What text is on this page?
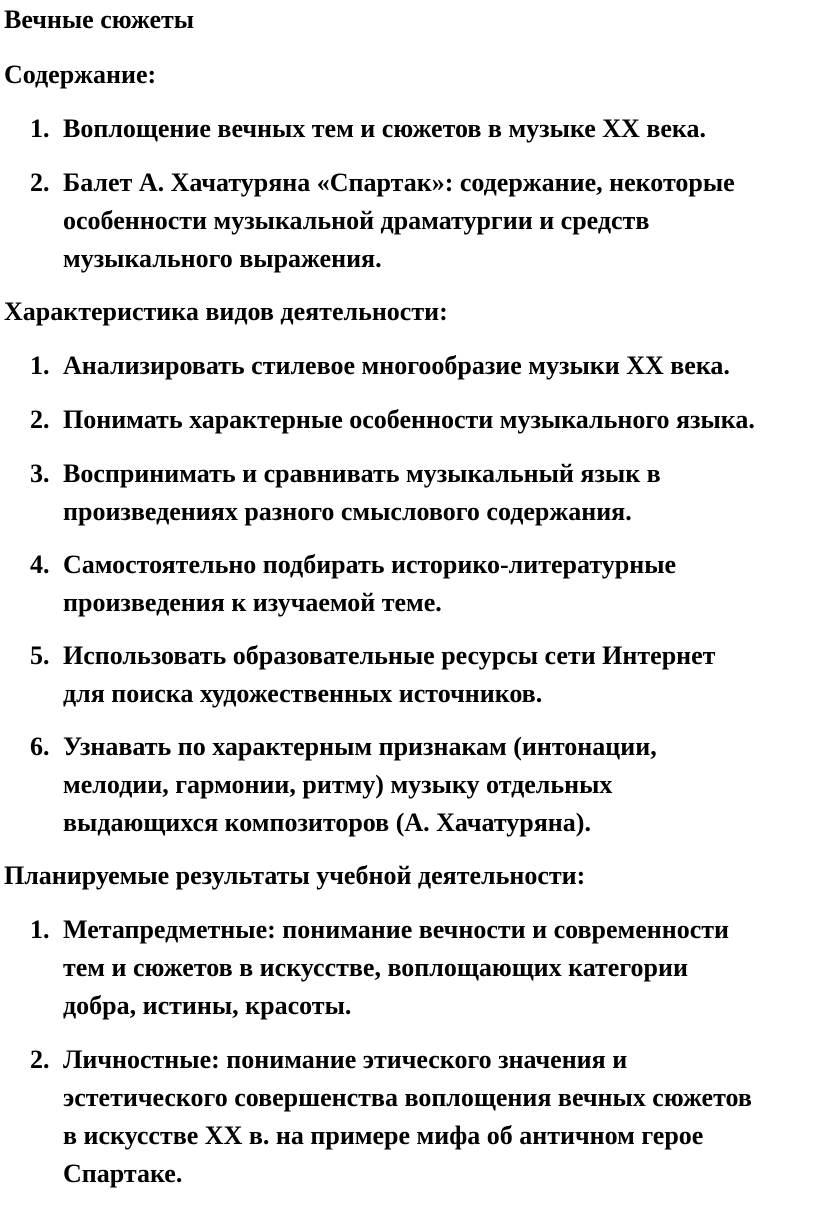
Вечные сюжеты
Содержание:
1. Воплощение вечных тем и сюжетов в музыке XX века.
2. Балет А. Хачатуряна «Спартак»: содержание, некоторые
особенности музыкальной драматургии и средств
музыкального выражения.
Характеристика видов деятельности:
1. Анализировать стилевое многообразие музыки XX века.
2. Понимать характерные особенности музыкального языка.
3. Воспринимать и сравнивать музыкальный язык в
произведениях разного смыслового содержания.
4. Самостоятельно подбирать историко-литературные
произведения к изучаемой теме.
5. Использовать образовательные ресурсы сети Интернет
для поиска художественных источников.
6. Узнавать по характерным признакам (интонации,
мелодии, гармонии, ритму) музыку отдельных
выдающихся композиторов (А. Хачатуряна).
Планируемые результаты учебной деятельности:
1. Метапредметные: понимание вечности и современности
тем и сюжетов в искусстве, воплощающих категории
добра, истины, красоты.
2. Личностные: понимание этического значения и
эстетического совершенства воплощения вечных сюжетов
в искусстве XX в. на примере мифа об античном герое
Спартаке.
